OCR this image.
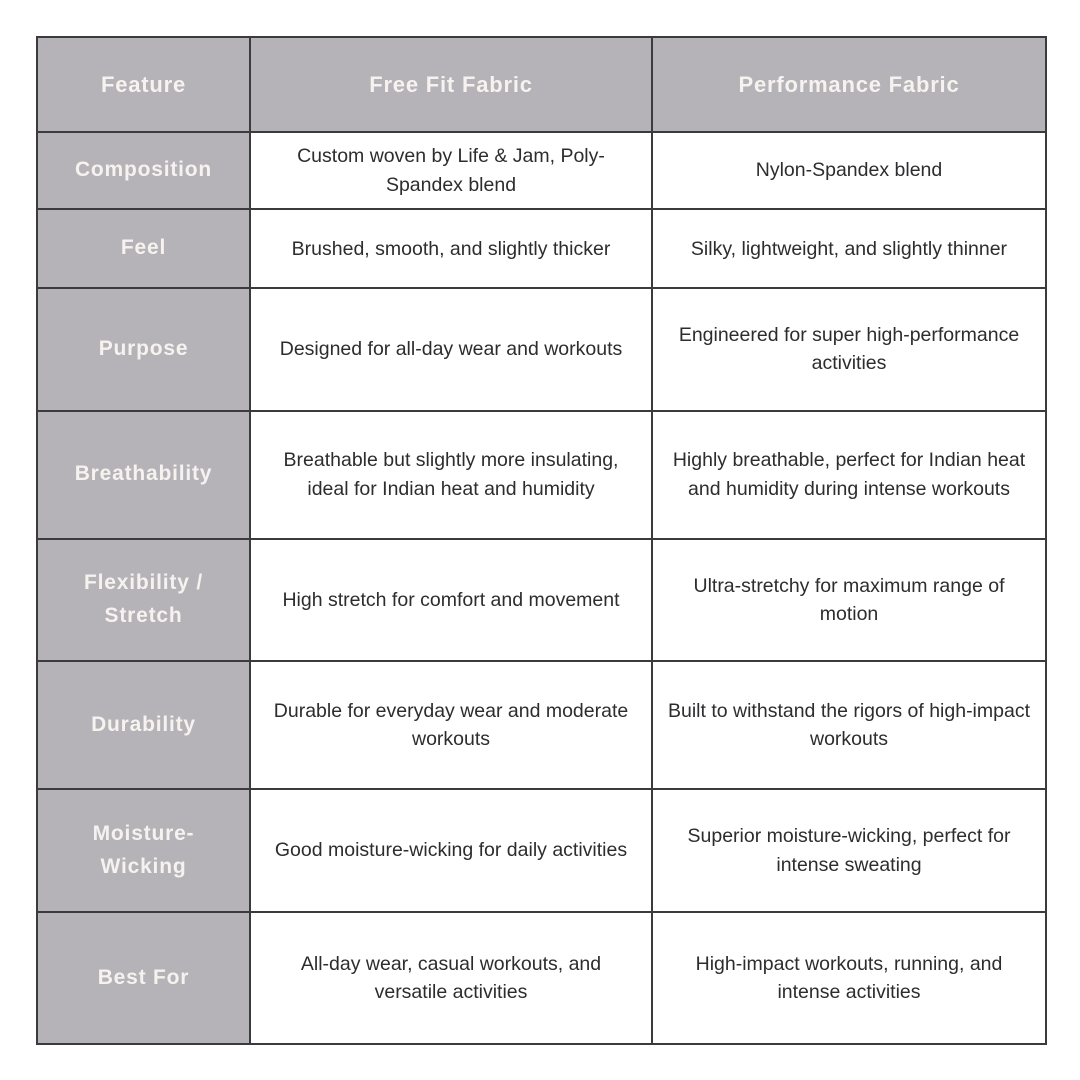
Feature	Free Fit Fabric	Performance Fabric
Composition	Custom woven by Life & Jam, Poly-Spandex blend	Nylon-Spandex blend
Feel	Brushed, smooth, and slightly thicker	Silky, lightweight, and slightly thinner
Purpose	Designed for all-day wear and workouts	Engineered for super high-performance activities
Breathability	Breathable but slightly more insulating, ideal for Indian heat and humidity	Highly breathable, perfect for Indian heat and humidity during intense workouts
Flexibility / Stretch	High stretch for comfort and movement	Ultra-stretchy for maximum range of motion
Durability	Durable for everyday wear and moderate workouts	Built to withstand the rigors of high-impact workouts
Moisture-Wicking	Good moisture-wicking for daily activities	Superior moisture-wicking, perfect for intense sweating
Best For	All-day wear, casual workouts, and versatile activities	High-impact workouts, running, and intense activities
